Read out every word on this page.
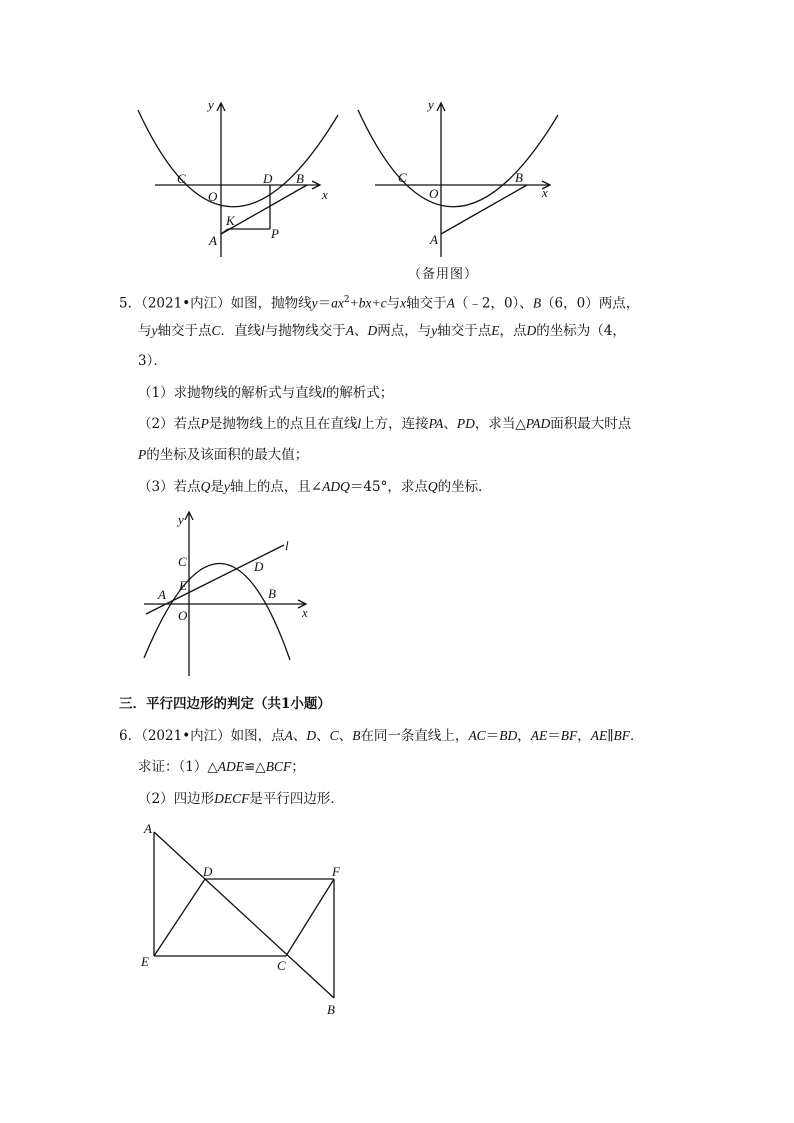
y
x
O
C	D B
K
P
A
y
x
O
C	B
A
（备用图）
5．（2021•内江）如图，抛物线$y=ax^2+bx+c$与x轴交于A（﹣2，0）、B（6，0）两点，
与y轴交于点C．直线l与抛物线交于A、D两点，与y轴交于点E，点D的坐标为（4，
3）．
（1）求抛物线的解析式与直线l的解析式；
（2）若点P是抛物线上的点且在直线l上方，连接PA、PD，求当△PAD面积最大时点
P的坐标及该面积的最大值；
（3）若点Q是y轴上的点，且∠ADQ＝45°，求点Q的坐标．
y
x
O
l
C
E
A
D
B
三．平行四边形的判定（共1小题）
6．（2021•内江）如图，点A、D、C、B在同一条直线上，AC＝BD，AE＝BF，AE∥BF．
求证：（1）△ADE≌△BCF；
（2）四边形DECF是平行四边形．
A
D	F
E	C
B
